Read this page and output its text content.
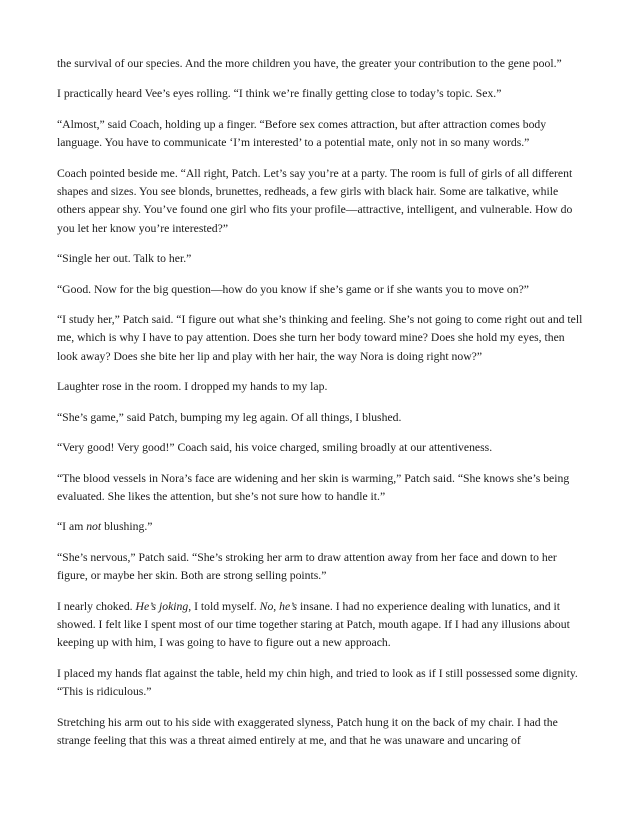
the survival of our species. And the more children you have, the greater your contribution to the gene pool.”

I practically heard Vee’s eyes rolling. “I think we’re finally getting close to today’s topic. Sex.”

“Almost,” said Coach, holding up a finger. “Before sex comes attraction, but after attraction comes body language. You have to communicate ‘I’m interested’ to a potential mate, only not in so many words.”

Coach pointed beside me. “All right, Patch. Let’s say you’re at a party. The room is full of girls of all different shapes and sizes. You see blonds, brunettes, redheads, a few girls with black hair. Some are talkative, while others appear shy. You’ve found one girl who fits your profile—attractive, intelligent, and vulnerable. How do you let her know you’re interested?”

“Single her out. Talk to her.”

“Good. Now for the big question—how do you know if she’s game or if she wants you to move on?”

“I study her,” Patch said. “I figure out what she’s thinking and feeling. She’s not going to come right out and tell me, which is why I have to pay attention. Does she turn her body toward mine? Does she hold my eyes, then look away? Does she bite her lip and play with her hair, the way Nora is doing right now?”

Laughter rose in the room. I dropped my hands to my lap.

“She’s game,” said Patch, bumping my leg again. Of all things, I blushed.

“Very good! Very good!” Coach said, his voice charged, smiling broadly at our attentiveness.

“The blood vessels in Nora’s face are widening and her skin is warming,” Patch said. “She knows she’s being evaluated. She likes the attention, but she’s not sure how to handle it.”

“I am not blushing.”

“She’s nervous,” Patch said. “She’s stroking her arm to draw attention away from her face and down to her figure, or maybe her skin. Both are strong selling points.”

I nearly choked. He’s joking, I told myself. No, he’s insane. I had no experience dealing with lunatics, and it showed. I felt like I spent most of our time together staring at Patch, mouth agape. If I had any illusions about keeping up with him, I was going to have to figure out a new approach.

I placed my hands flat against the table, held my chin high, and tried to look as if I still possessed some dignity. “This is ridiculous.”

Stretching his arm out to his side with exaggerated slyness, Patch hung it on the back of my chair. I had the strange feeling that this was a threat aimed entirely at me, and that he was unaware and uncaring of
